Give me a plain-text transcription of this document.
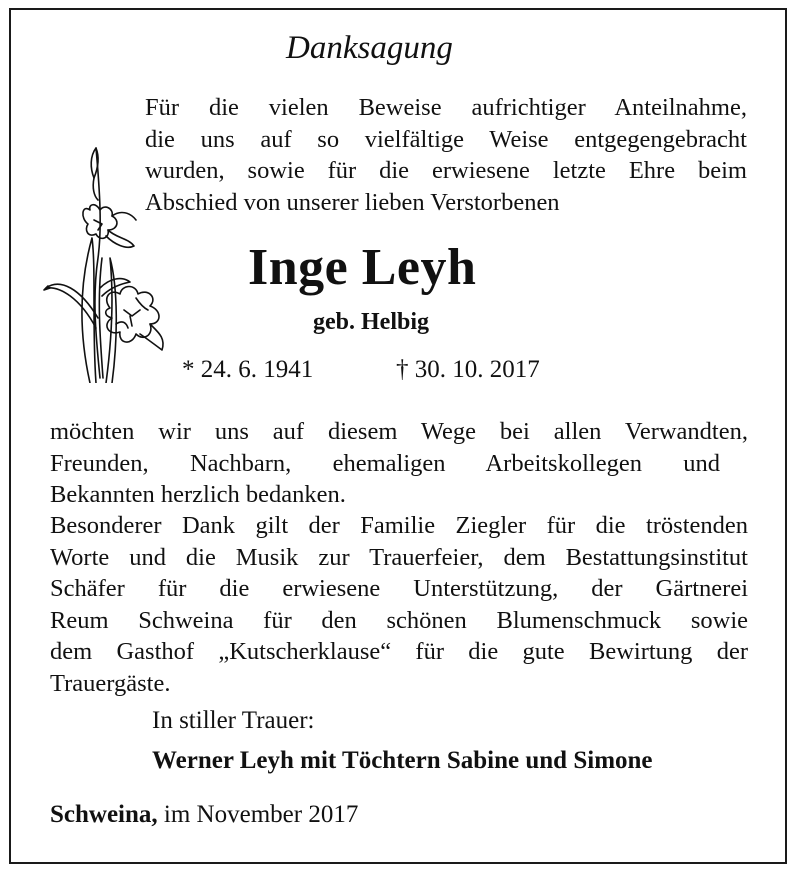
Danksagung
Für die vielen Beweise aufrichtiger Anteilnahme,
die uns auf so vielfältige Weise entgegengebracht
wurden, sowie für die erwiesene letzte Ehre beim
Abschied von unserer lieben Verstorbenen
Inge Leyh
geb. Helbig
* 24. 6. 1941	† 30. 10. 2017
möchten wir uns auf diesem Wege bei allen Verwandten,
Freunden, Nachbarn, ehemaligen Arbeitskollegen und
Bekannten herzlich bedanken.
Besonderer Dank gilt der Familie Ziegler für die tröstenden
Worte und die Musik zur Trauerfeier, dem Bestattungsinstitut
Schäfer für die erwiesene Unterstützung, der Gärtnerei
Reum Schweina für den schönen Blumenschmuck sowie
dem Gasthof „Kutscherklause“ für die gute Bewirtung der
Trauergäste.
In stiller Trauer:
Werner Leyh mit Töchtern Sabine und Simone
Schweina, im November 2017
